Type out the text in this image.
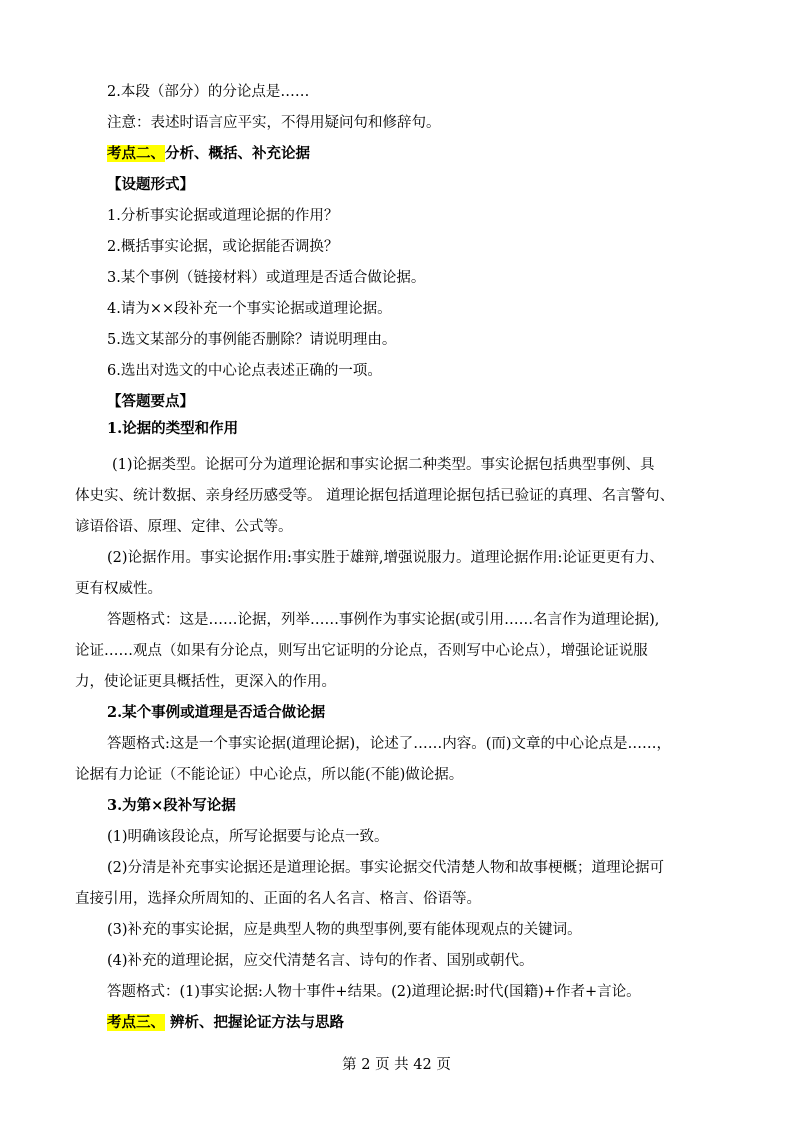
2.本段（部分）的分论点是……
注意：表述时语言应平实，不得用疑问句和修辞句。
考点二、分析、概括、补充论据
【设题形式】
1.分析事实论据或道理论据的作用？
2.概括事实论据，或论据能否调换？
3.某个事例（链接材料）或道理是否适合做论据。
4.请为××段补充一个事实论据或道理论据。
5.选文某部分的事例能否删除？请说明理由。
6.选出对选文的中心论点表述正确的一项。
【答题要点】
1.论据的类型和作用
(1)论据类型。论据可分为道理论据和事实论据二种类型。事实论据包括典型事例、具
体史实、统计数据、亲身经历感受等。 道理论据包括道理论据包括已验证的真理、名言警句、
谚语俗语、原理、定律、公式等。
(2)论据作用。事实论据作用:事实胜于雄辩,增强说服力。道理论据作用:论证更更有力、
更有权威性。
答题格式：这是……论据，列举……事例作为事实论据(或引用……名言作为道理论据),
论证……观点（如果有分论点，则写出它证明的分论点，否则写中心论点），增强论证说服
力，使论证更具概括性，更深入的作用。
2.某个事例或道理是否适合做论据
答题格式:这是一个事实论据(道理论据)，论述了……内容。(而)文章的中心论点是……，
论据有力论证（不能论证）中心论点，所以能(不能)做论据。
3.为第×段补写论据
(1)明确该段论点，所写论据要与论点一致。
(2)分清是补充事实论据还是道理论据。事实论据交代清楚人物和故事梗概；道理论据可
直接引用，选择众所周知的、正面的名人名言、格言、俗语等。
(3)补充的事实论据，应是典型人物的典型事例,要有能体现观点的关键词。
(4)补充的道理论据，应交代清楚名言、诗句的作者、国别或朝代。
答题格式：(1)事实论据:人物十事件+结果。(2)道理论据:时代(国籍)+作者+言论。
考点三、 辨析、把握论证方法与思路
第 2 页 共 42 页
